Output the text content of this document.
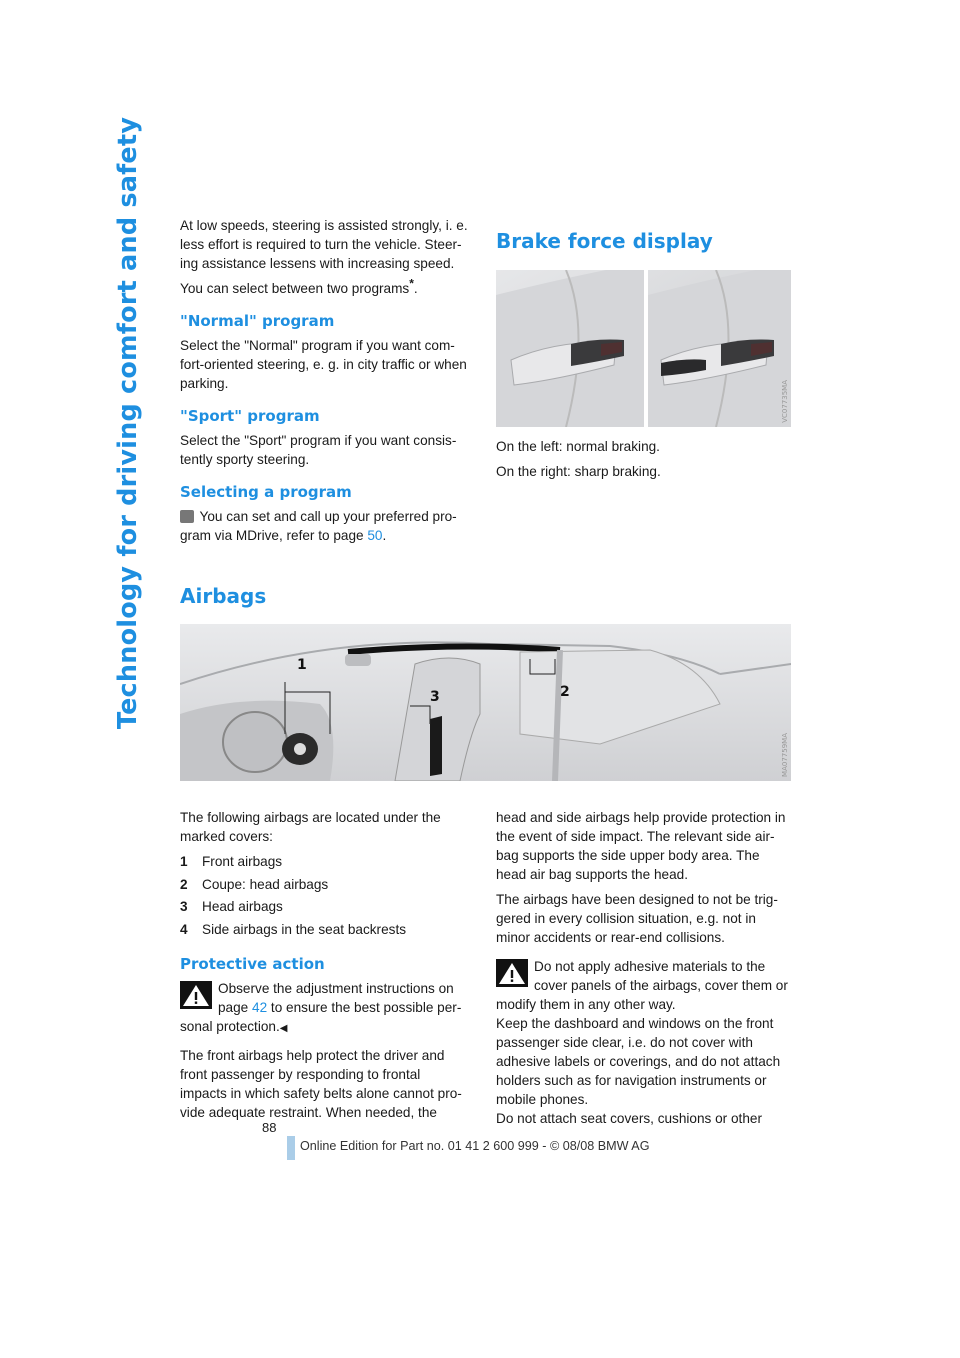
Technology for driving comfort and safety	At low speeds, steering is assisted strongly, i. e.
less effort is required to turn the vehicle. Steer-
ing assistance lessens with increasing speed.

You can select between two programs*.

"Normal" program

Select the "Normal" program if you want com-
fort-oriented steering, e. g. in city traffic or when
parking.

"Sport" program

Select the "Sport" program if you want consis-
tently sporty steering.

Selecting a program

You can set and call up your preferred pro-
gram via MDrive, refer to page 50.

Brake force display
VC07735MA

On the left: normal braking.

On the right: sharp braking.

Airbags
1
2
3
MA07759MA

The following airbags are located under the
marked covers:

1	Front airbags
2	Coupe: head airbags
3	Head airbags
4	Side airbags in the seat backrests
Protective action
Observe the adjustment instructions on
page 42 to ensure the best possible per-
sonal protection.◀

The front airbags help protect the driver and
front passenger by responding to frontal
impacts in which safety belts alone cannot pro-
vide adequate restraint. When needed, the

head and side airbags help provide protection in
the event of side impact. The relevant side air-
bag supports the side upper body area. The
head air bag supports the head.

The airbags have been designed to not be trig-
gered in every collision situation, e.g. not in
minor accidents or rear-end collisions.

Do not apply adhesive materials to the
cover panels of the airbags, cover them or
modify them in any other way.

Keep the dashboard and windows on the front
passenger side clear, i.e. do not cover with
adhesive labels or coverings, and do not attach
holders such as for navigation instruments or
mobile phones.
Do not attach seat covers, cushions or other

88
Online Edition for Part no. 01 41 2 600 999 - © 08/08 BMW AG
